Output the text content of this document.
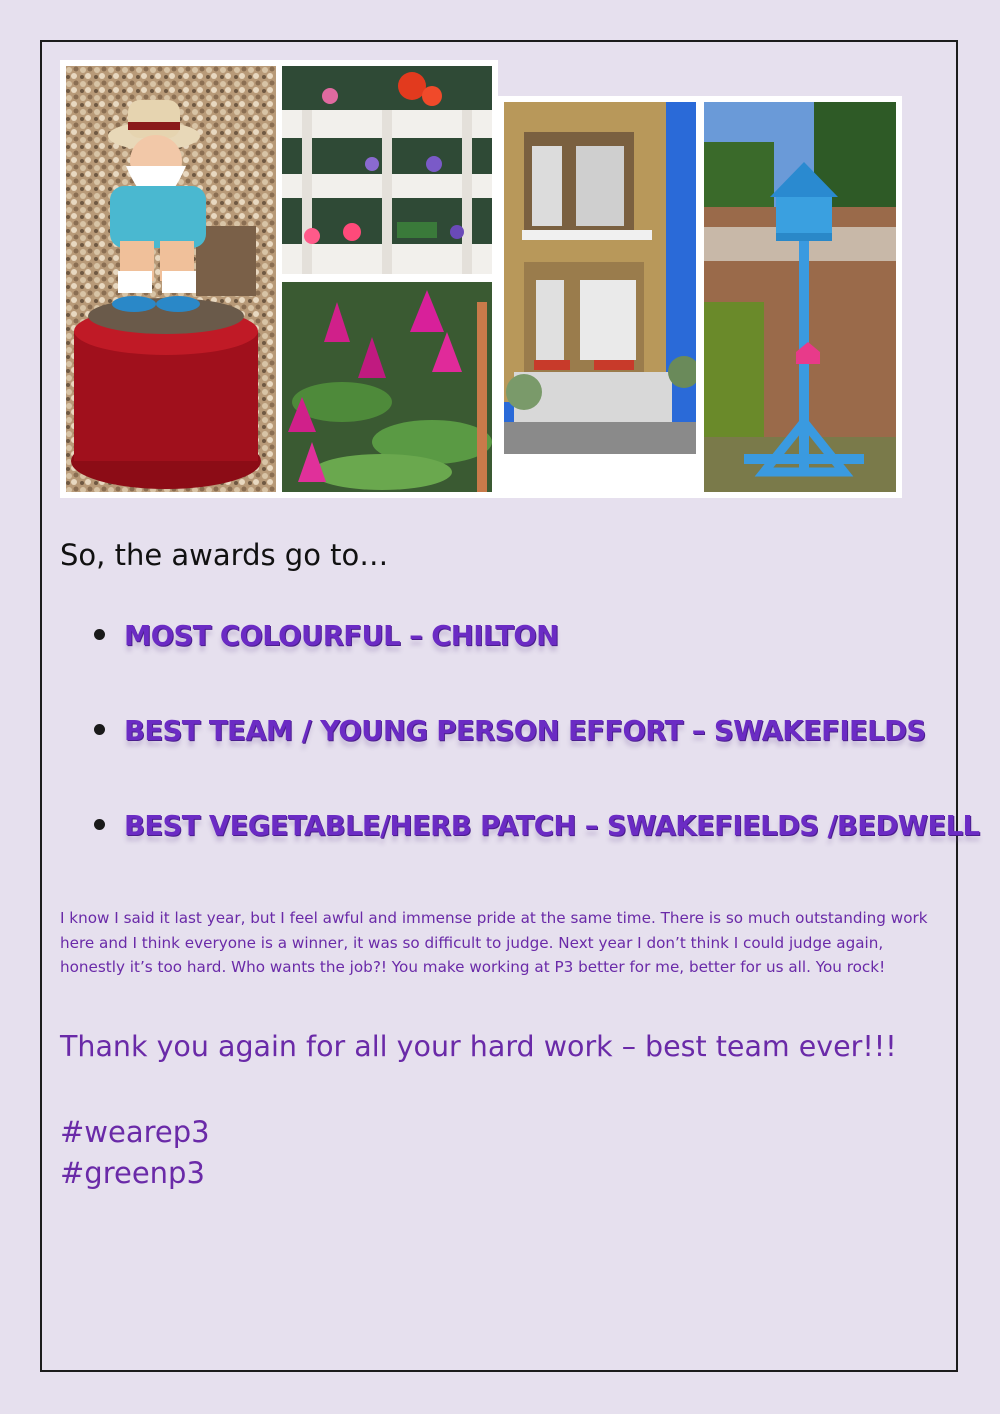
So, the awards go to…
MOST COLOURFUL – CHILTON
BEST TEAM / YOUNG PERSON EFFORT – SWAKEFIELDS
BEST VEGETABLE/HERB PATCH – SWAKEFIELDS /BEDWELL

I know I said it last year, but I feel awful and immense pride at the same time. There is so much outstanding work here and I think everyone is a winner, it was so difficult to judge. Next year I don’t think I could judge again, honestly it’s too hard. Who wants the job?! You make working at P3 better for me, better for us all. You rock!

Thank you again for all your hard work – best team ever!!!

#wearep3
#greenp3
